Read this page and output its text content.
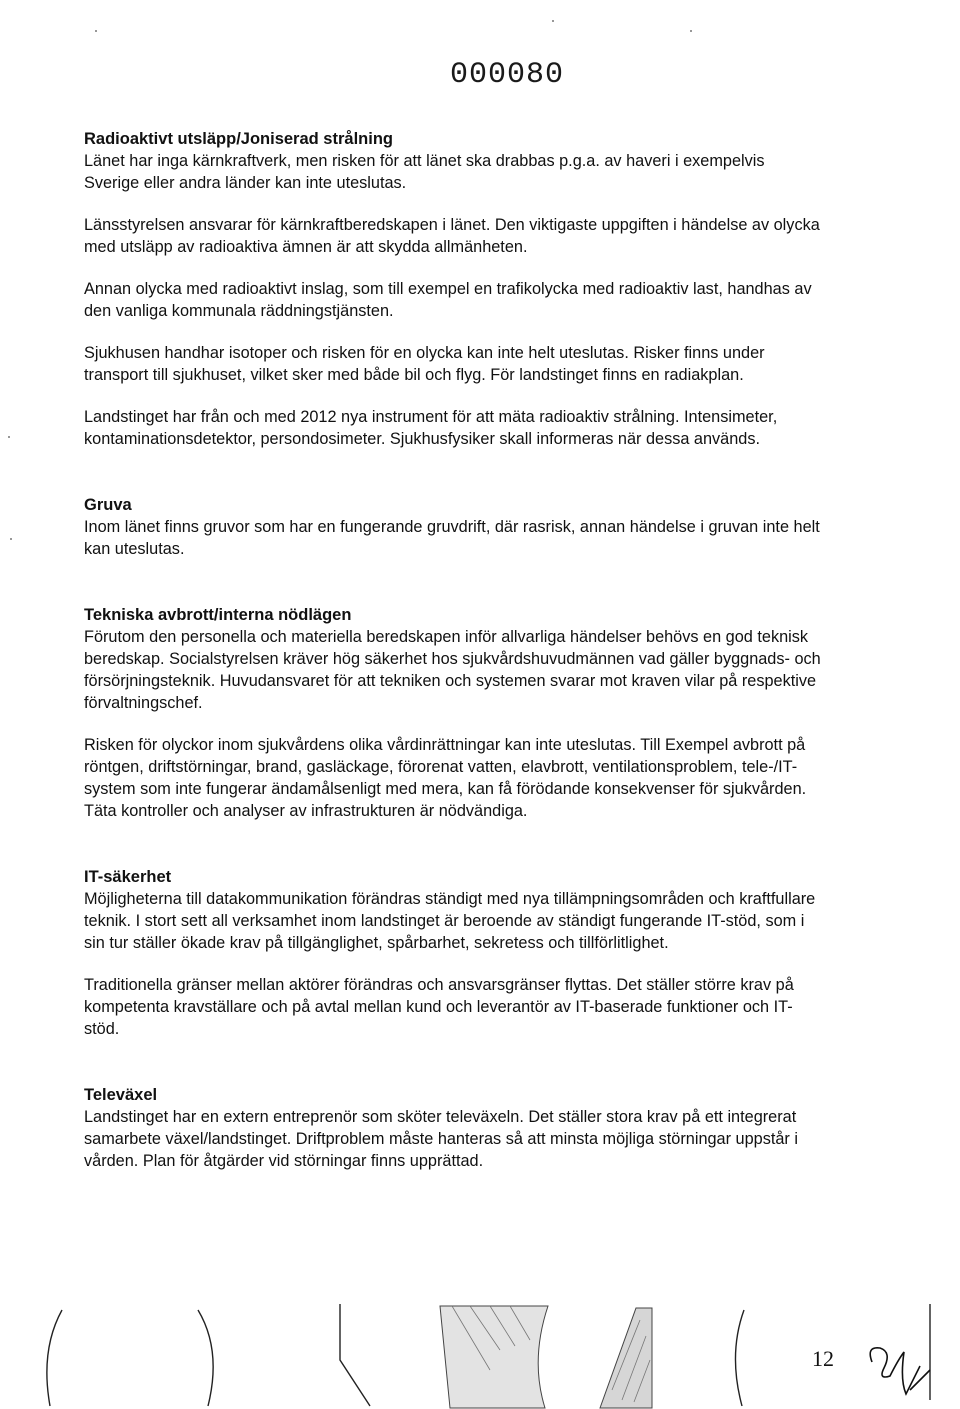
000080

Radioaktivt utsläpp/Joniserad strålning

Länet har inga kärnkraftverk, men risken för att länet ska drabbas p.g.a. av haveri i exempelvis Sverige eller andra länder kan inte uteslutas.

Länsstyrelsen ansvarar för kärnkraftberedskapen i länet. Den viktigaste uppgiften i händelse av olycka med utsläpp av radioaktiva ämnen är att skydda allmänheten.

Annan olycka med radioaktivt inslag, som till exempel en trafikolycka med radioaktiv last, handhas av den vanliga kommunala räddningstjänsten.

Sjukhusen handhar isotoper och risken för en olycka kan inte helt uteslutas. Risker finns under transport till sjukhuset, vilket sker med både bil och flyg. För landstinget finns en radiakplan.

Landstinget har från och med 2012 nya instrument för att mäta radioaktiv strålning. Intensimeter, kontaminationsdetektor, persondosimeter. Sjukhusfysiker skall informeras när dessa används.

Gruva

Inom länet finns gruvor som har en fungerande gruvdrift, där rasrisk, annan händelse i gruvan inte helt kan uteslutas.

Tekniska avbrott/interna nödlägen

Förutom den personella och materiella beredskapen inför allvarliga händelser behövs en god teknisk beredskap. Socialstyrelsen kräver hög säkerhet hos sjukvårdshuvudmännen vad gäller byggnads- och försörjningsteknik. Huvudansvaret för att tekniken och systemen svarar mot kraven vilar på respektive förvaltningschef.

Risken för olyckor inom sjukvårdens olika vårdinrättningar kan inte uteslutas. Till Exempel avbrott på röntgen, driftstörningar, brand, gasläckage, förorenat vatten, elavbrott, ventilationsproblem, tele-/IT-system som inte fungerar ändamålsenligt med mera, kan få förödande konsekvenser för sjukvården. Täta kontroller och analyser av infrastrukturen är nödvändiga.

IT-säkerhet

Möjligheterna till datakommunikation förändras ständigt med nya tillämpningsområden och kraftfullare teknik. I stort sett all verksamhet inom landstinget är beroende av ständigt fungerande IT-stöd, som i sin tur ställer ökade krav på tillgänglighet, spårbarhet, sekretess och tillförlitlighet.

Traditionella gränser mellan aktörer förändras och ansvarsgränser flyttas. Det ställer större krav på kompetenta kravställare och på avtal mellan kund och leverantör av IT-baserade funktioner och IT-stöd.

Televäxel

Landstinget har en extern entreprenör som sköter televäxeln. Det ställer stora krav på ett integrerat samarbete växel/landstinget. Driftproblem måste hanteras så att minsta möjliga störningar uppstår i vården. Plan för åtgärder vid störningar finns upprättad.

12
